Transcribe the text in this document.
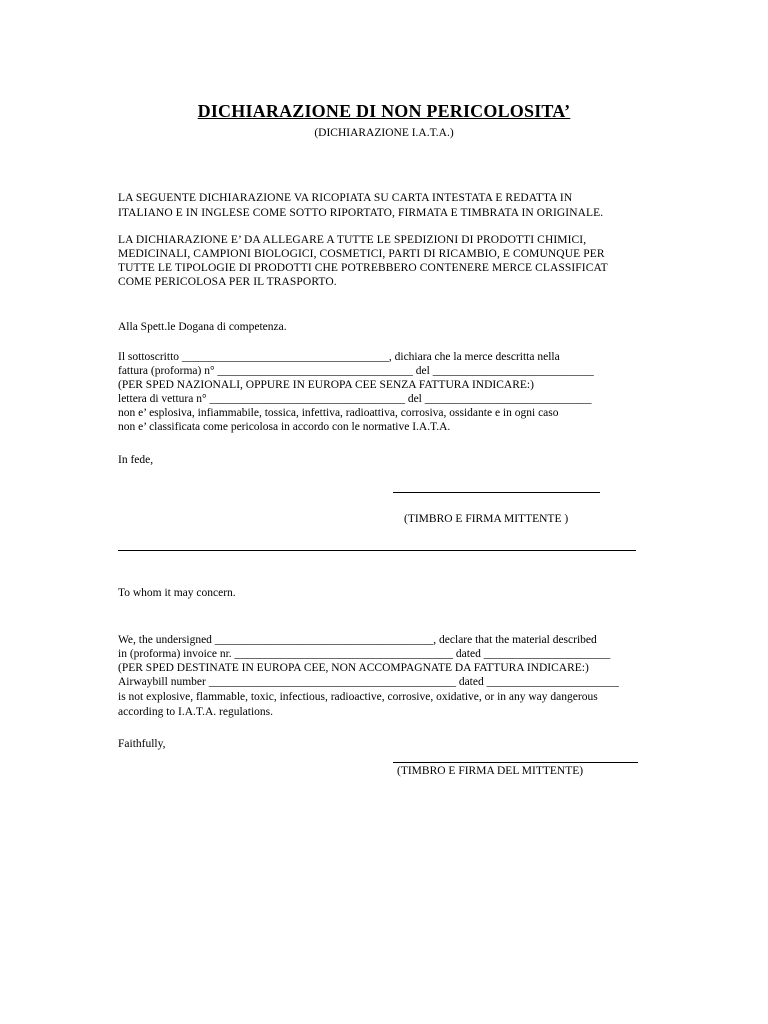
DICHIARAZIONE DI NON PERICOLOSITA’
(DICHIARAZIONE I.A.T.A.)
LA SEGUENTE DICHIARAZIONE VA RICOPIATA SU CARTA INTESTATA E REDATTA IN
ITALIANO E IN INGLESE COME SOTTO RIPORTATO, FIRMATA E TIMBRATA IN ORIGINALE.
LA DICHIARAZIONE E’ DA ALLEGARE A TUTTE LE SPEDIZIONI DI PRODOTTI CHIMICI,
MEDICINALI, CAMPIONI BIOLOGICI, COSMETICI, PARTI DI RICAMBIO, E COMUNQUE PER
TUTTE LE TIPOLOGIE DI PRODOTTI CHE POTREBBERO CONTENERE MERCE CLASSIFICAT
COME PERICOLOSA PER IL TRASPORTO.
Alla Spett.le Dogana di competenza.
Il sottoscritto ____________________________________, dichiara che la merce descritta nella
fattura (proforma) n° __________________________________ del ____________________________
(PER SPED NAZIONALI, OPPURE IN EUROPA CEE SENZA FATTURA INDICARE:)
lettera di vettura n° __________________________________ del _____________________________
non e’ esplosiva, infiammabile, tossica, infettiva, radioattiva, corrosiva, ossidante e in ogni caso
non e’ classificata come pericolosa in accordo con le normative I.A.T.A.
In fede,
(TIMBRO E FIRMA MITTENTE )
To whom it may concern.
We, the undersigned ______________________________________, declare that the material described
in (proforma) invoice nr. ______________________________________ dated ______________________
(PER SPED DESTINATE IN EUROPA CEE, NON ACCOMPAGNATE DA FATTURA INDICARE:)
Airwaybill number ___________________________________________ dated _______________________
is not explosive, flammable, toxic, infectious, radioactive, corrosive, oxidative, or in any way dangerous
according to I.A.T.A. regulations.
Faithfully,
(TIMBRO E FIRMA DEL MITTENTE)
